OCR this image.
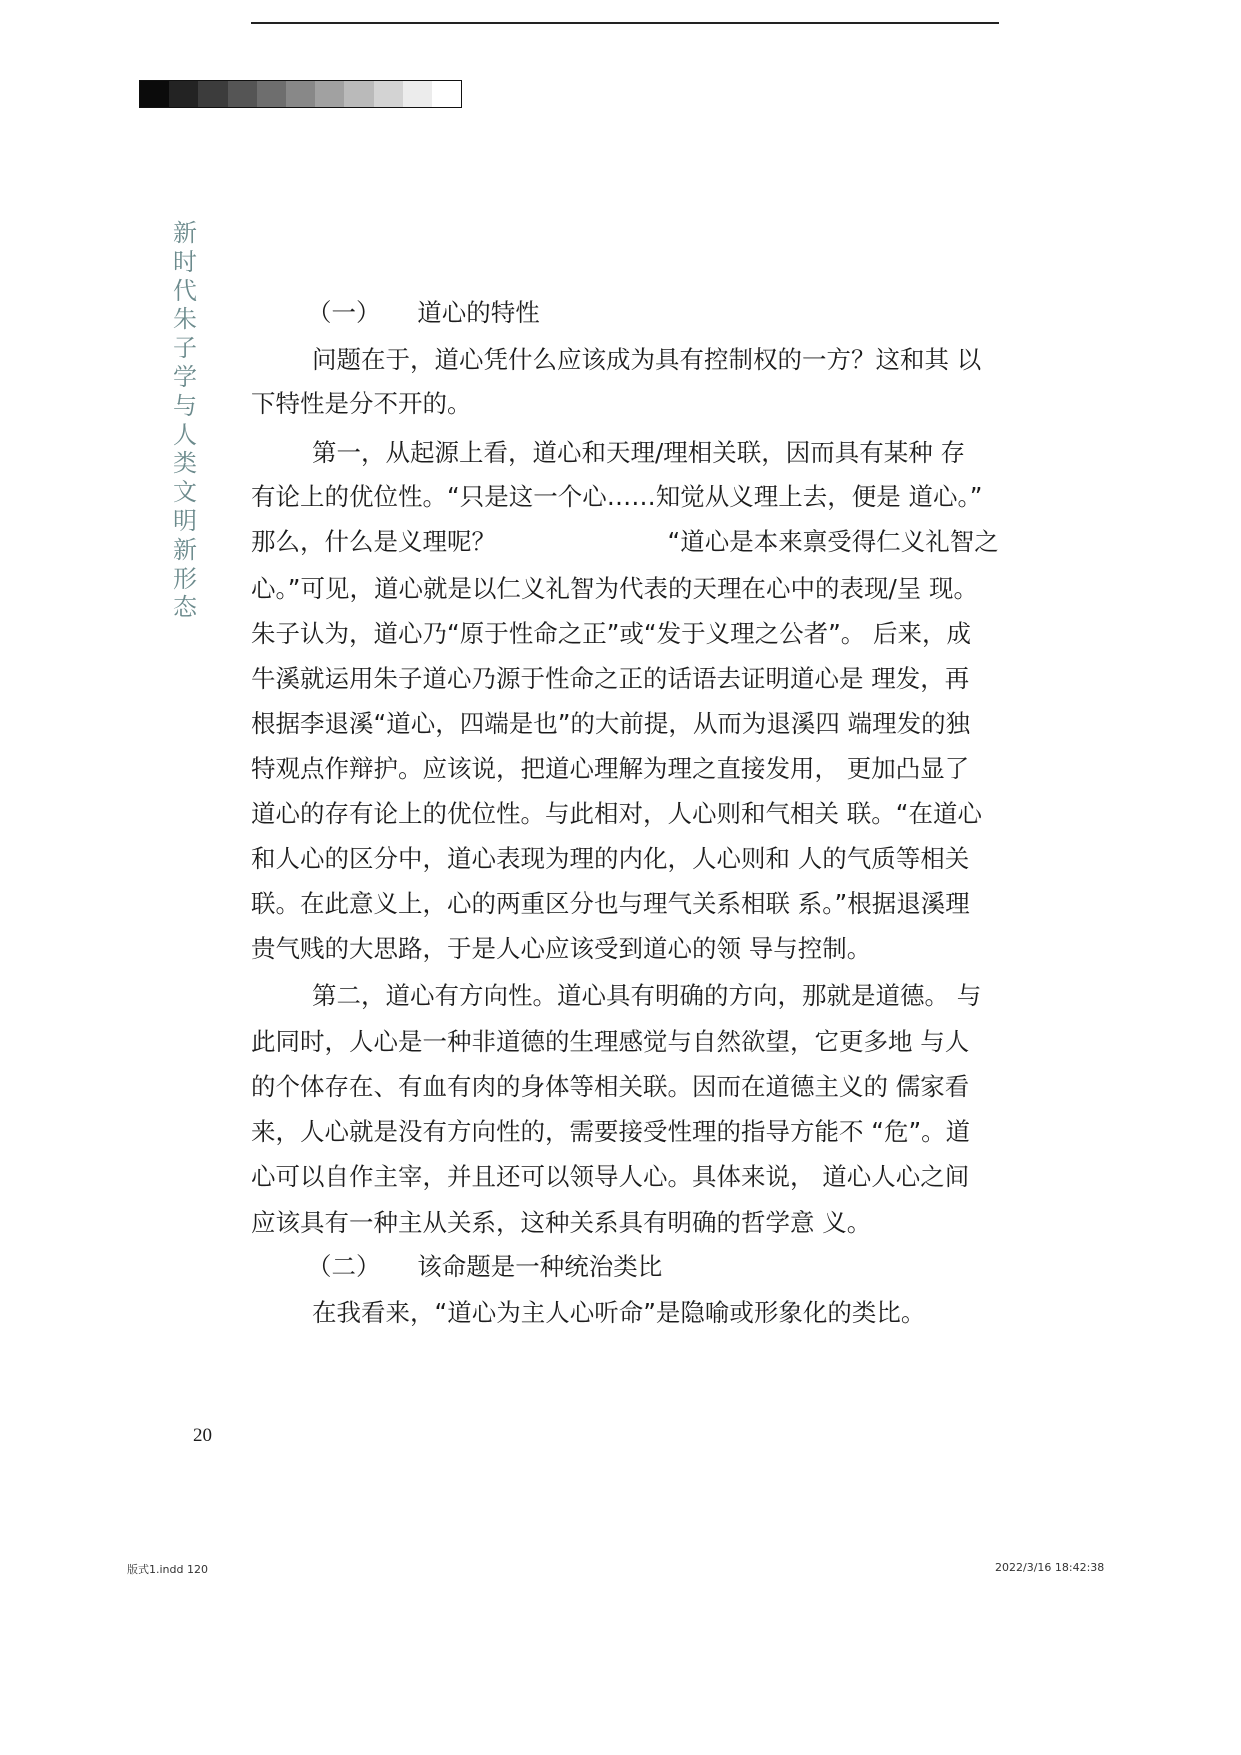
新时代朱子学与人类文明新形态

（一）　　道心的特性

问题在于，道心凭什么应该成为具有控制权的一方？这和其 以

下特性是分不开的。

第一，从起源上看，道心和天理/理相关联，因而具有某种 存

有论上的优位性。“只是这一个心……知觉从义理上去，便是 道心。”

那么，什么是义理呢？　　　　　　　“道心是本来禀受得仁义礼智之

心。”可见，道心就是以仁义礼智为代表的天理在心中的表现/呈 现。

朱子认为，道心乃“原于性命之正”或“发于义理之公者”。 后来，成

牛溪就运用朱子道心乃源于性命之正的话语去证明道心是 理发，再

根据李退溪“道心，四端是也”的大前提，从而为退溪四 端理发的独

特观点作辩护。应该说，把道心理解为理之直接发用， 更加凸显了

道心的存有论上的优位性。与此相对，人心则和气相关 联。“在道心

和人心的区分中，道心表现为理的内化，人心则和 人的气质等相关

联。在此意义上，心的两重区分也与理气关系相联 系。”根据退溪理

贵气贱的大思路，于是人心应该受到道心的领 导与控制。

第二，道心有方向性。道心具有明确的方向，那就是道德。 与

此同时，人心是一种非道德的生理感觉与自然欲望，它更多地 与人

的个体存在、有血有肉的身体等相关联。因而在道德主义的 儒家看

来，人心就是没有方向性的，需要接受性理的指导方能不 “危”。道

心可以自作主宰，并且还可以领导人心。具体来说， 道心人心之间

应该具有一种主从关系，这种关系具有明确的哲学意 义。

（二）　　该命题是一种统治类比

在我看来，“道心为主人心听命”是隐喻或形象化的类比。

20
版式1.indd 120	2022/3/16 18:42:38
